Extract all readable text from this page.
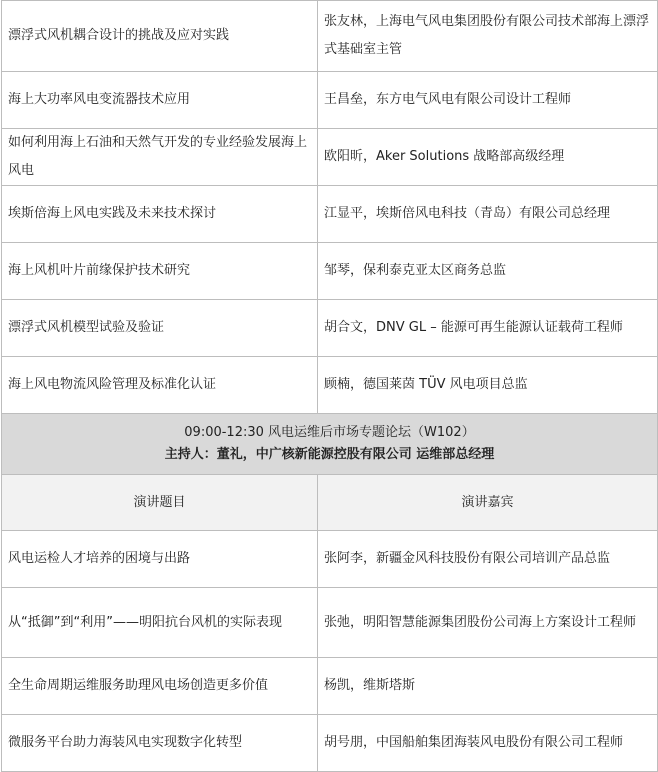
漂浮式风机耦合设计的挑战及应对实践	张友林，上海电气风电集团股份有限公司技术部海上漂浮式基础室主管
海上大功率风电变流器技术应用	王昌垒，东方电气风电有限公司设计工程师
如何利用海上石油和天然气开发的专业经验发展海上风电	欧阳昕，Aker Solutions 战略部高级经理
埃斯倍海上风电实践及未来技术探讨	江显平，埃斯倍风电科技（青岛）有限公司总经理
海上风机叶片前缘保护技术研究	邹琴，保利泰克亚太区商务总监
漂浮式风机模型试验及验证	胡合文，DNV GL – 能源可再生能源认证载荷工程师
海上风电物流风险管理及标准化认证	顾楠，德国莱茵 TÜV 风电项目总监

09:00-12:30 风电运维后市场专题论坛（W102）
主持人：董礼，中广核新能源控股有限公司 运维部总经理	

演讲题目	演讲嘉宾
风电运检人才培养的困境与出路	张阿李，新疆金风科技股份有限公司培训产品总监
从“抵御”到“利用”——明阳抗台风机的实际表现	张弛，明阳智慧能源集团股份公司海上方案设计工程师
全生命周期运维服务助理风电场创造更多价值	杨凯，维斯塔斯
微服务平台助力海装风电实现数字化转型	胡号朋，中国船舶集团海装风电股份有限公司工程师
